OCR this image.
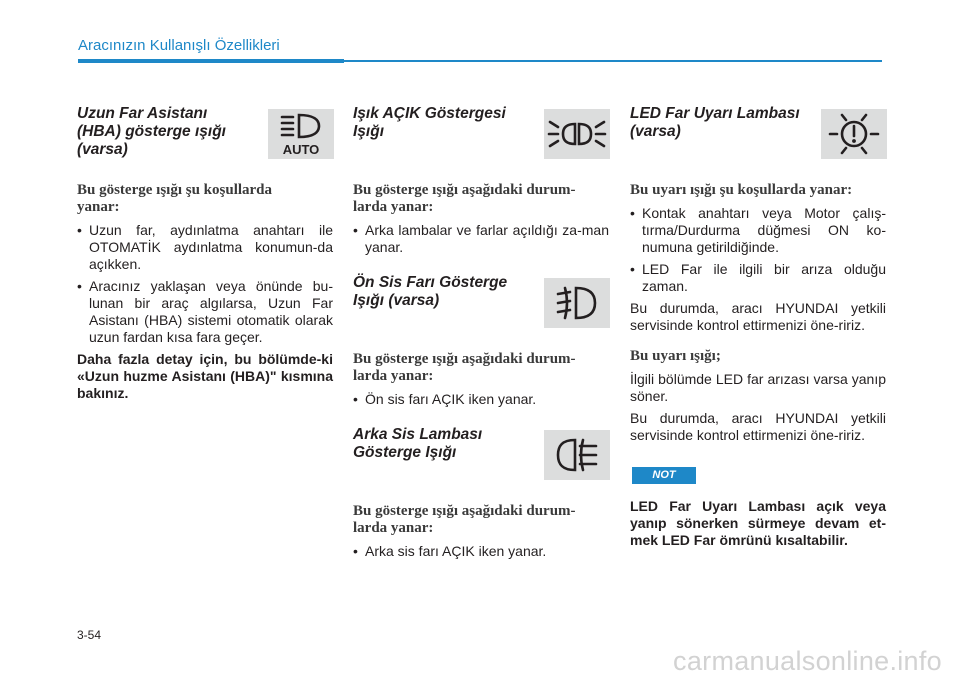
Aracınızın Kullanışlı Özellikleri
Uzun Far Asistanı
(HBA) gösterge ışığı
(varsa)	AUTO
Bu gösterge ışığı şu koşullarda
yanar:
• Uzun far, aydınlatma anahtarı ile OTOMATİK aydınlatma konumun-da açıkken.
• Aracınız yaklaşan veya önünde bu-lunan bir araç algılarsa, Uzun Far Asistanı (HBA) sistemi otomatik olarak uzun fardan kısa fara geçer.

Daha fazla detay için, bu bölümde-ki «Uzun huzme Asistanı (HBA)" kısmına bakınız.

Işık AÇIK Göstergesi
Işığı
Bu gösterge ışığı aşağıdaki durum-
larda yanar:
• Arka lambalar ve farlar açıldığı za-man yanar.
Ön Sis Farı Gösterge
Işığı (varsa)
Bu gösterge ışığı aşağıdaki durum-
larda yanar:
• Ön sis farı AÇIK iken yanar.
Arka Sis Lambası
Gösterge Işığı
Bu gösterge ışığı aşağıdaki durum-
larda yanar:
• Arka sis farı AÇIK iken yanar.
LED Far Uyarı Lambası
(varsa)
Bu uyarı ışığı şu koşullarda yanar:
• Kontak anahtarı veya Motor çalış-tırma/Durdurma düğmesi ON ko-numuna getirildiğinde.
• LED Far ile ilgili bir arıza olduğu zaman.

Bu durumda, aracı HYUNDAI yetkili servisinde kontrol ettirmenizi öne-ririz.

Bu uyarı ışığı;

İlgili bölümde LED far arızası varsa yanıp söner.

Bu durumda, aracı HYUNDAI yetkili servisinde kontrol ettirmenizi öne-ririz.

NOT

LED Far Uyarı Lambası açık veya yanıp sönerken sürmeye devam et-mek LED Far ömrünü kısaltabilir.

3-54
carmanualsonline.info
